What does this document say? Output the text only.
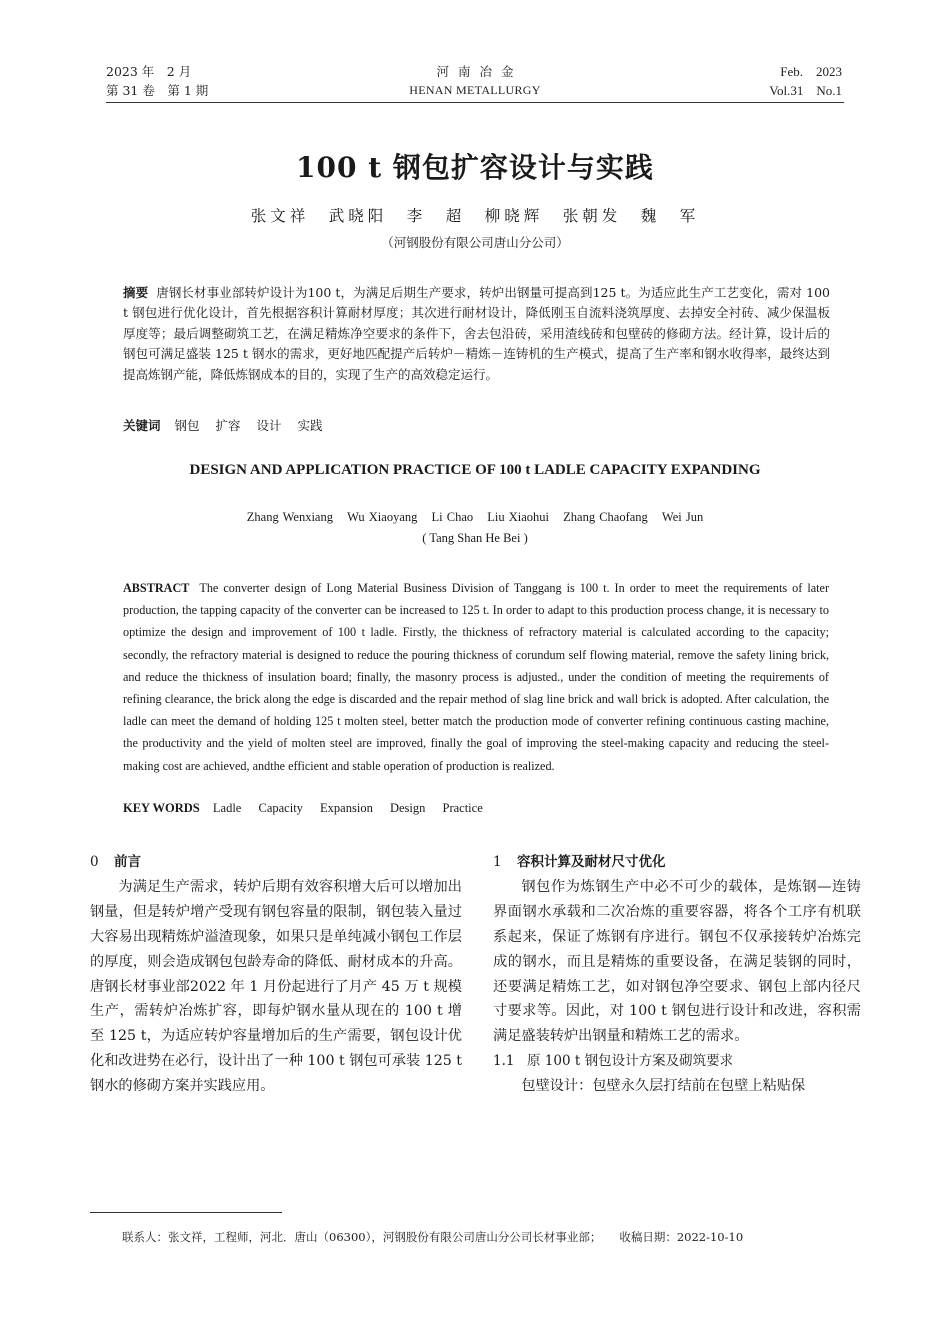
2023 年　2 月
第 31 卷　第 1 期
河南冶金
HENAN METALLURGY
Feb.　2023
Vol.31　No.1
100 t 钢包扩容设计与实践
张文祥　武晓阳　李　超　柳晓辉　张朝发　魏　军
（河钢股份有限公司唐山分公司）
摘要 唐钢长材事业部转炉设计为100 t，为满足后期生产要求，转炉出钢量可提高到125 t。为适应此生产工艺变化，需对 100 t 钢包进行优化设计，首先根据容积计算耐材厚度；其次进行耐材设计，降低刚玉自流料浇筑厚度、去掉安全衬砖、减少保温板厚度等；最后调整砌筑工艺，在满足精炼净空要求的条件下，舍去包沿砖，采用渣线砖和包壁砖的修砌方法。经计算，设计后的钢包可满足盛装 125 t 钢水的需求，更好地匹配提产后转炉－精炼－连铸机的生产模式，提高了生产率和钢水收得率，最终达到提高炼钢产能，降低炼钢成本的目的，实现了生产的高效稳定运行。
关键词 钢包 扩容 设计 实践
DESIGN AND APPLICATION PRACTICE OF 100 t LADLE CAPACITY EXPANDING
Zhang Wenxiang Wu Xiaoyang Li Chao Liu Xiaohui Zhang Chaofang Wei Jun
( Tang Shan He Bei )
ABSTRACT The converter design of Long Material Business Division of Tanggang is 100 t. In order to meet the requirements of later production, the tapping capacity of the converter can be increased to 125 t. In order to adapt to this production process change, it is necessary to optimize the design and improvement of 100 t ladle. Firstly, the thickness of refractory material is calculated according to the capacity; secondly, the refractory material is designed to reduce the pouring thickness of corundum self flowing material, remove the safety lining brick, and reduce the thickness of insulation board; finally, the masonry process is adjusted., under the condition of meeting the requirements of refining clearance, the brick along the edge is discarded and the repair method of slag line brick and wall brick is adopted. After calculation, the ladle can meet the demand of holding 125 t molten steel, better match the production mode of converter refining continuous casting machine, the productivity and the yield of molten steel are improved, finally the goal of improving the steel-making capacity and reducing the steel-making cost are achieved, andthe efficient and stable operation of production is realized.
KEY WORDS Ladle Capacity Expansion Design Practice
0 前言

为满足生产需求，转炉后期有效容积增大后可以增加出钢量，但是转炉增产受现有钢包容量的限制，钢包装入量过大容易出现精炼炉溢渣现象，如果只是单纯减小钢包工作层的厚度，则会造成钢包包龄寿命的降低、耐材成本的升高。唐钢长材事业部2022 年 1 月份起进行了月产 45 万 t 规模生产，需转炉冶炼扩容，即每炉钢水量从现在的 100 t 增至 125 t，为适应转炉容量增加后的生产需要，钢包设计优化和改进势在必行，设计出了一种 100 t 钢包可承装 125 t 钢水的修砌方案并实践应用。

1 容积计算及耐材尺寸优化

钢包作为炼钢生产中必不可少的载体，是炼钢—连铸界面钢水承载和二次冶炼的重要容器，将各个工序有机联系起来，保证了炼钢有序进行。钢包不仅承接转炉冶炼完成的钢水，而且是精炼的重要设备，在满足装钢的同时，还要满足精炼工艺，如对钢包净空要求、钢包上部内径尺寸要求等。因此，对 100 t 钢包进行设计和改进，容积需满足盛装转炉出钢量和精炼工艺的需求。

1.1 原 100 t 钢包设计方案及砌筑要求

包壁设计：包壁永久层打结前在包壁上粘贴保

联系人：张文祥，工程师，河北．唐山（06300），河钢股份有限公司唐山分公司长材事业部； 收稿日期：2022-10-10
